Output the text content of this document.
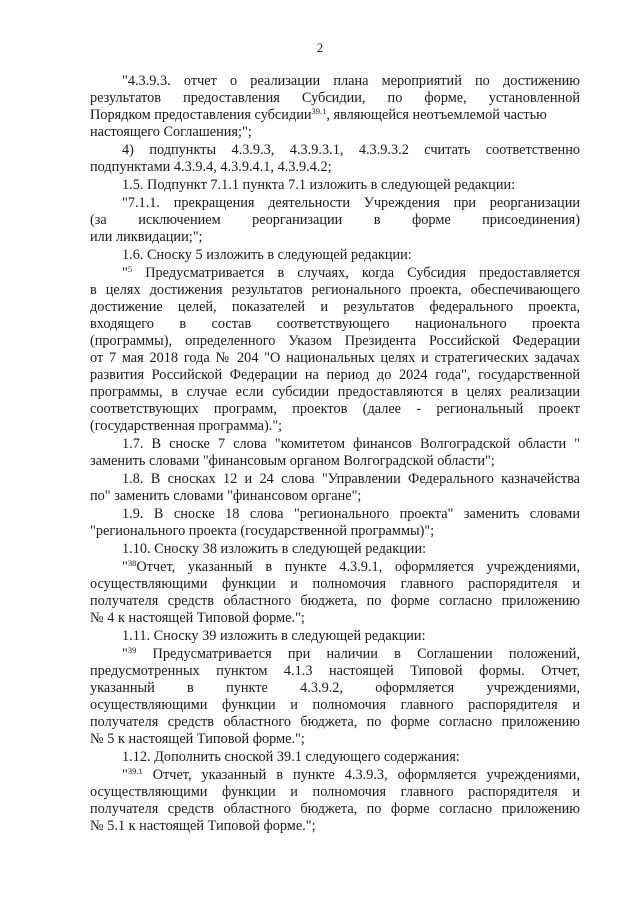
2
"4.3.9.3. отчет о реализации плана мероприятий по достижению
результатов предоставления Субсидии, по форме, установленной
Порядком предоставления субсидии$^{39.1}$, являющейся неотъемлемой частью
настоящего Соглашения;";
4) подпункты 4.3.9.3, 4.3.9.3.1, 4.3.9.3.2 считать соответственно
подпунктами 4.3.9.4, 4.3.9.4.1, 4.3.9.4.2;
1.5. Подпункт 7.1.1 пункта 7.1 изложить в следующей редакции:
"7.1.1. прекращения деятельности Учреждения при реорганизации
(за исключением реорганизации в форме присоединения)
или ликвидации;";
1.6. Сноску 5 изложить в следующей редакции:
"$^5$ Предусматривается в случаях, когда Субсидия предоставляется
в целях достижения результатов регионального проекта, обеспечивающего
достижение целей, показателей и результатов федерального проекта,
входящего в состав соответствующего национального проекта
(программы), определенного Указом Президента Российской Федерации
от 7 мая 2018 года № 204 "О национальных целях и стратегических задачах
развития Российской Федерации на период до 2024 года", государственной
программы, в случае если субсидии предоставляются в целях реализации
соответствующих программ, проектов (далее - региональный проект
(государственная программа).";
1.7. В сноске 7 слова "комитетом финансов Волгоградской области "
заменить словами "финансовым органом Волгоградской области";
1.8. В сносках 12 и 24 слова "Управлении Федерального казначейства
по" заменить словами "финансовом органе";
1.9. В сноске 18 слова "регионального проекта" заменить словами
"регионального проекта (государственной программы)";
1.10. Сноску 38 изложить в следующей редакции:
"$^{38}$Отчет, указанный в пункте 4.3.9.1, оформляется учреждениями,
осуществляющими функции и полномочия главного распорядителя и
получателя средств областного бюджета, по форме согласно приложению
№ 4 к настоящей Типовой форме.";
1.11. Сноску 39 изложить в следующей редакции:
"$^{39}$ Предусматривается при наличии в Соглашении положений,
предусмотренных пунктом 4.1.3 настоящей Типовой формы. Отчет,
указанный в пункте 4.3.9.2, оформляется учреждениями,
осуществляющими функции и полномочия главного распорядителя и
получателя средств областного бюджета, по форме согласно приложению
№ 5 к настоящей Типовой форме.";
1.12. Дополнить сноской 39.1 следующего содержания:
"$^{39.1}$ Отчет, указанный в пункте 4.3.9.3, оформляется учреждениями,
осуществляющими функции и полномочия главного распорядителя и
получателя средств областного бюджета, по форме согласно приложению
№ 5.1 к настоящей Типовой форме.";
